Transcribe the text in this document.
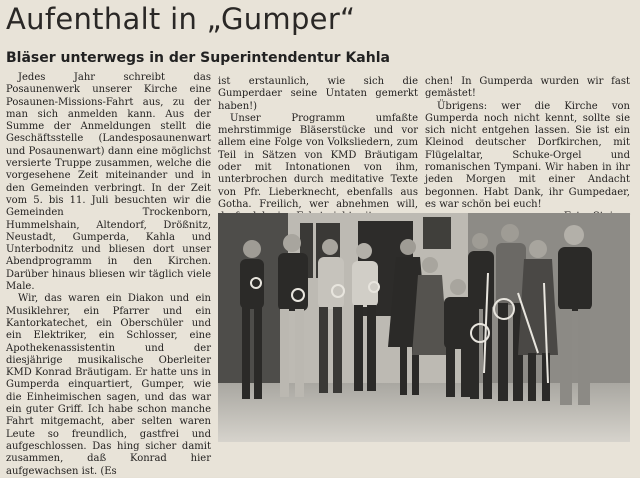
Aufenthalt in „Gumper“
Bläser unterwegs in der Superintendentur Kahla

Jedes Jahr schreibt das Posaunenwerk unserer Kirche eine Posaunen-Missions-Fahrt aus, zu der man sich anmelden kann. Aus der Summe der Anmeldungen stellt die Geschäftsstelle (Landesposaunenwart und Posaunenwart) dann eine möglichst versierte Truppe zusammen, welche die vorgesehene Zeit miteinander und in den Gemeinden verbringt. In der Zeit vom 5. bis 11. Juli besuchten wir die Gemeinden Trockenborn, Hummelshain, Altendorf, Drößnitz, Neustadt, Gumperda, Kahla und Unterbodnitz und bliesen dort unser Abendprogramm in den Kirchen. Darüber hinaus bliesen wir täglich viele Male.

Wir, das waren ein Diakon und ein Musiklehrer, ein Pfarrer und ein Kantorkatechet, ein Oberschüler und ein Elektriker, ein Schlosser, eine Apothekenassistentin und der diesjährige musikalische Oberleiter KMD Konrad Bräutigam. Er hatte uns in Gumperda einquartiert, Gumper, wie die Einheimischen sagen, und das war ein guter Griff. Ich habe schon manche Fahrt mitgemacht, aber selten waren Leute so freundlich, gastfrei und aufgeschlossen. Das hing sicher damit zusammen, daß Konrad hier aufgewachsen ist. (Es

ist erstaunlich, wie sich die Gumperdaer seine Untaten gemerkt haben!)

Unser Programm umfaßte mehrstimmige Bläserstücke und vor allem eine Folge von Volksliedern, zum Teil in Sätzen von KMD Bräutigam oder mit Intonationen von ihm, unterbrochen durch meditative Texte von Pfr. Lieberknecht, ebenfalls aus Gotha. Freilich, wer abnehmen will,

chen! In Gumperda wurden wir fast gemästet!

Übrigens: wer die Kirche von Gumperda noch nicht kennt, sollte sie sich nicht entgehen lassen. Sie ist ein Kleinod deutscher Dorfkirchen, mit Flügelaltar, Schuke-Orgel und romanischen Tympani. Wir haben in ihr jeden Morgen mit einer Andacht begonnen. Habt Dank, ihr Gumpedaer, es war schön bei euch!
